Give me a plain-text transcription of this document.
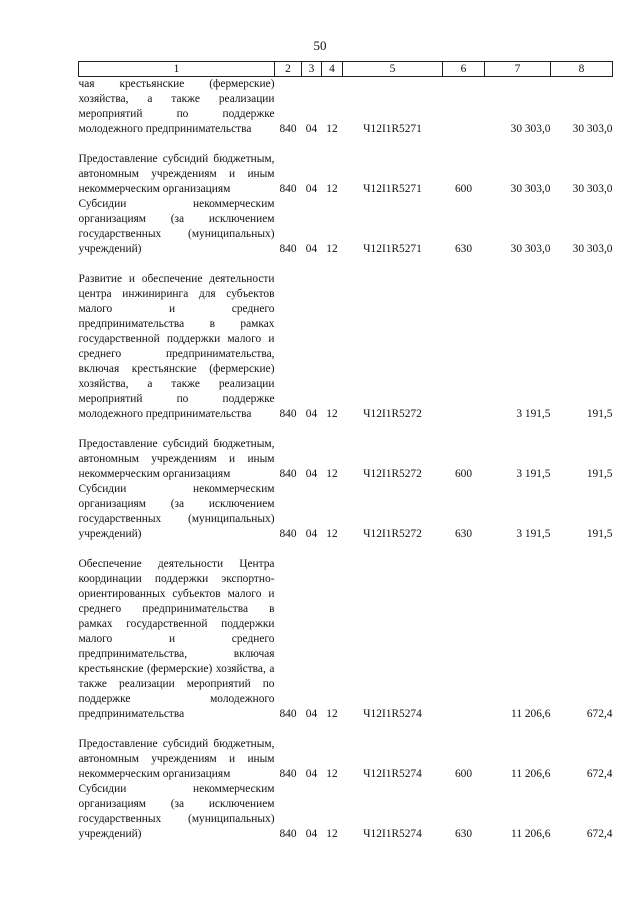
50
1	2	3	4	5	6	7	8
чая крестьянские (фермерские) хозяйства, а также реализации мероприятий по поддержке молодежного предпринимательства	840	04	12	Ч12I1R5271		30 303,0	30 303,0
Предоставление субсидий бюджетным, автономным учреждениям и иным некоммерческим организациям	840	04	12	Ч12I1R5271	600	30 303,0	30 303,0
Субсидии некоммерческим организациям (за исключением государственных (муниципальных) учреждений)	840	04	12	Ч12I1R5271	630	30 303,0	30 303,0
Развитие и обеспечение деятельности центра инжиниринга для субъектов малого и среднего предпринимательства в рамках государственной поддержки малого и среднего предпринимательства, включая крестьянские (фермерские) хозяйства, а также реализации мероприятий по поддержке молодежного предпринимательства	840	04	12	Ч12I1R5272		3 191,5	191,5
Предоставление субсидий бюджетным, автономным учреждениям и иным некоммерческим организациям	840	04	12	Ч12I1R5272	600	3 191,5	191,5
Субсидии некоммерческим организациям (за исключением государственных (муниципальных) учреждений)	840	04	12	Ч12I1R5272	630	3 191,5	191,5
Обеспечение деятельности Центра координации поддержки экспортно-ориентированных субъектов малого и среднего предпринимательства в рамках государственной поддержки малого и среднего предпринимательства, включая крестьянские (фермерские) хозяйства, а также реализации мероприятий по поддержке молодежного предпринимательства	840	04	12	Ч12I1R5274		11 206,6	672,4
Предоставление субсидий бюджетным, автономным учреждениям и иным некоммерческим организациям	840	04	12	Ч12I1R5274	600	11 206,6	672,4
Субсидии некоммерческим организациям (за исключением государственных (муниципальных) учреждений)	840	04	12	Ч12I1R5274	630	11 206,6	672,4
